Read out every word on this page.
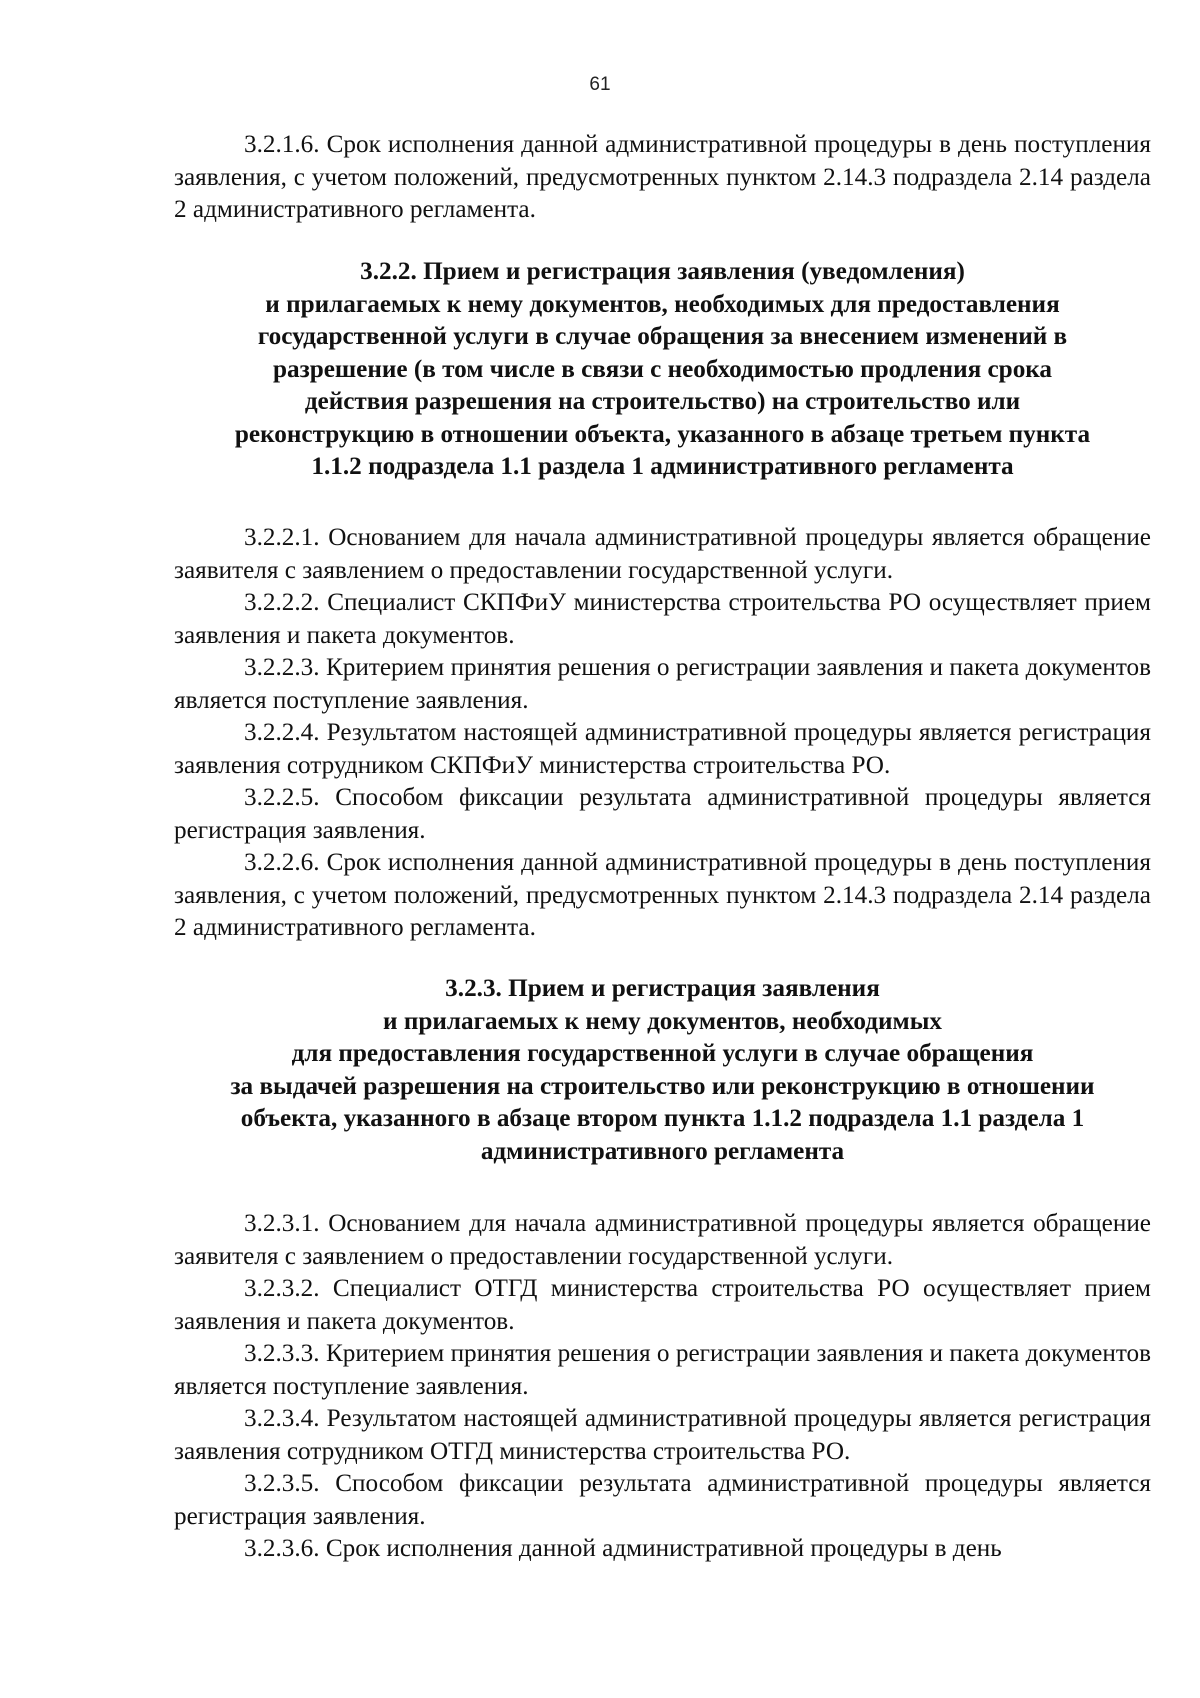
61

3.2.1.6. Срок исполнения данной административной процедуры в день поступления заявления, с учетом положений, предусмотренных пунктом 2.14.3 подраздела 2.14 раздела 2 административного регламента.

3.2.2. Прием и регистрация заявления (уведомления)
и прилагаемых к нему документов, необходимых для предоставления
государственной услуги в случае обращения за внесением изменений в
разрешение (в том числе в связи с необходимостью продления срока
действия разрешения на строительство) на строительство или
реконструкцию в отношении объекта, указанного в абзаце третьем пункта
1.1.2 подраздела 1.1 раздела 1 административного регламента

3.2.2.1. Основанием для начала административной процедуры является обращение заявителя с заявлением о предоставлении государственной услуги.

3.2.2.2. Специалист СКПФиУ министерства строительства РО осуществляет прием заявления и пакета документов.

3.2.2.3. Критерием принятия решения о регистрации заявления и пакета документов является поступление заявления.

3.2.2.4. Результатом настоящей административной процедуры является регистрация заявления сотрудником СКПФиУ министерства строительства РО.

3.2.2.5. Способом фиксации результата административной процедуры является регистрация заявления.

3.2.2.6. Срок исполнения данной административной процедуры в день поступления заявления, с учетом положений, предусмотренных пунктом 2.14.3 подраздела 2.14 раздела 2 административного регламента.

3.2.3. Прием и регистрация заявления
и прилагаемых к нему документов, необходимых
для предоставления государственной услуги в случае обращения
за выдачей разрешения на строительство или реконструкцию в отношении
объекта, указанного в абзаце втором пункта 1.1.2 подраздела 1.1 раздела 1
административного регламента

3.2.3.1. Основанием для начала административной процедуры является обращение заявителя с заявлением о предоставлении государственной услуги.

3.2.3.2. Специалист ОТГД министерства строительства РО осуществляет прием заявления и пакета документов.

3.2.3.3. Критерием принятия решения о регистрации заявления и пакета документов является поступление заявления.

3.2.3.4. Результатом настоящей административной процедуры является регистрация заявления сотрудником ОТГД министерства строительства РО.

3.2.3.5. Способом фиксации результата административной процедуры является регистрация заявления.

3.2.3.6. Срок исполнения данной административной процедуры в день
